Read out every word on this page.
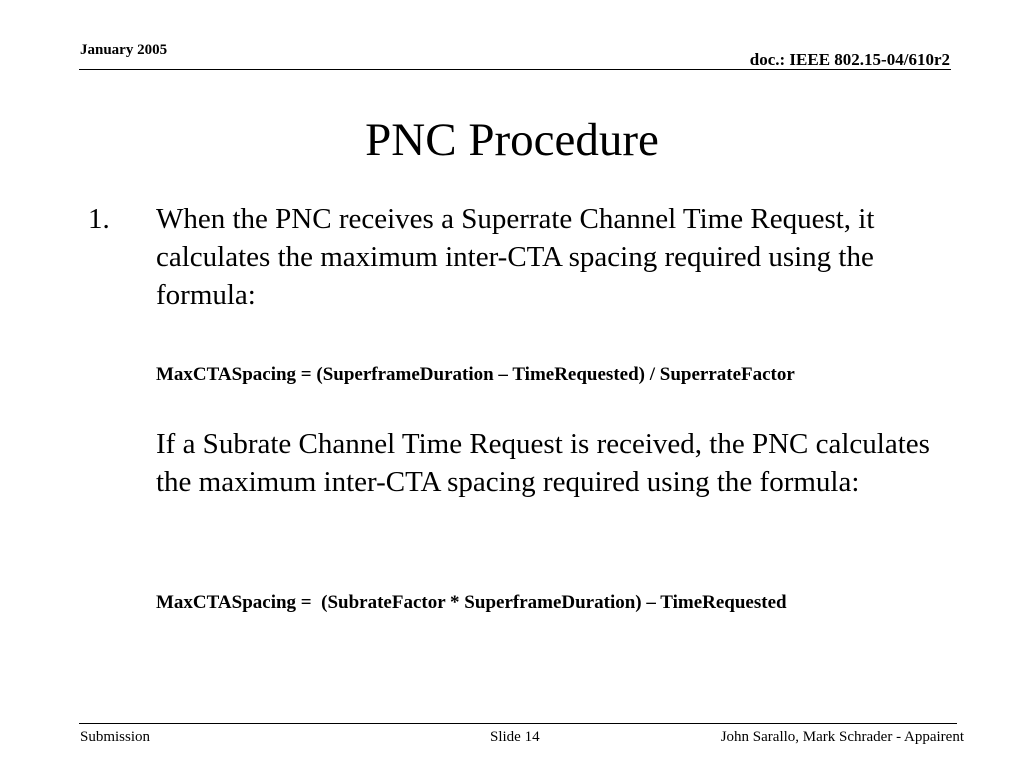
January 2005	doc.: IEEE 802.15-04/610r2
PNC Procedure
1. When the PNC receives a Superrate Channel Time Request, it calculates the maximum inter-CTA spacing required using the formula:
MaxCTASpacing = (SuperframeDuration – TimeRequested) / SuperrateFactor
If a Subrate Channel Time Request is received, the PNC calculates the maximum inter-CTA spacing required using the formula:
MaxCTASpacing =  (SubrateFactor * SuperframeDuration) – TimeRequested
Submission	Slide 14	John Sarallo, Mark Schrader - Appairent
